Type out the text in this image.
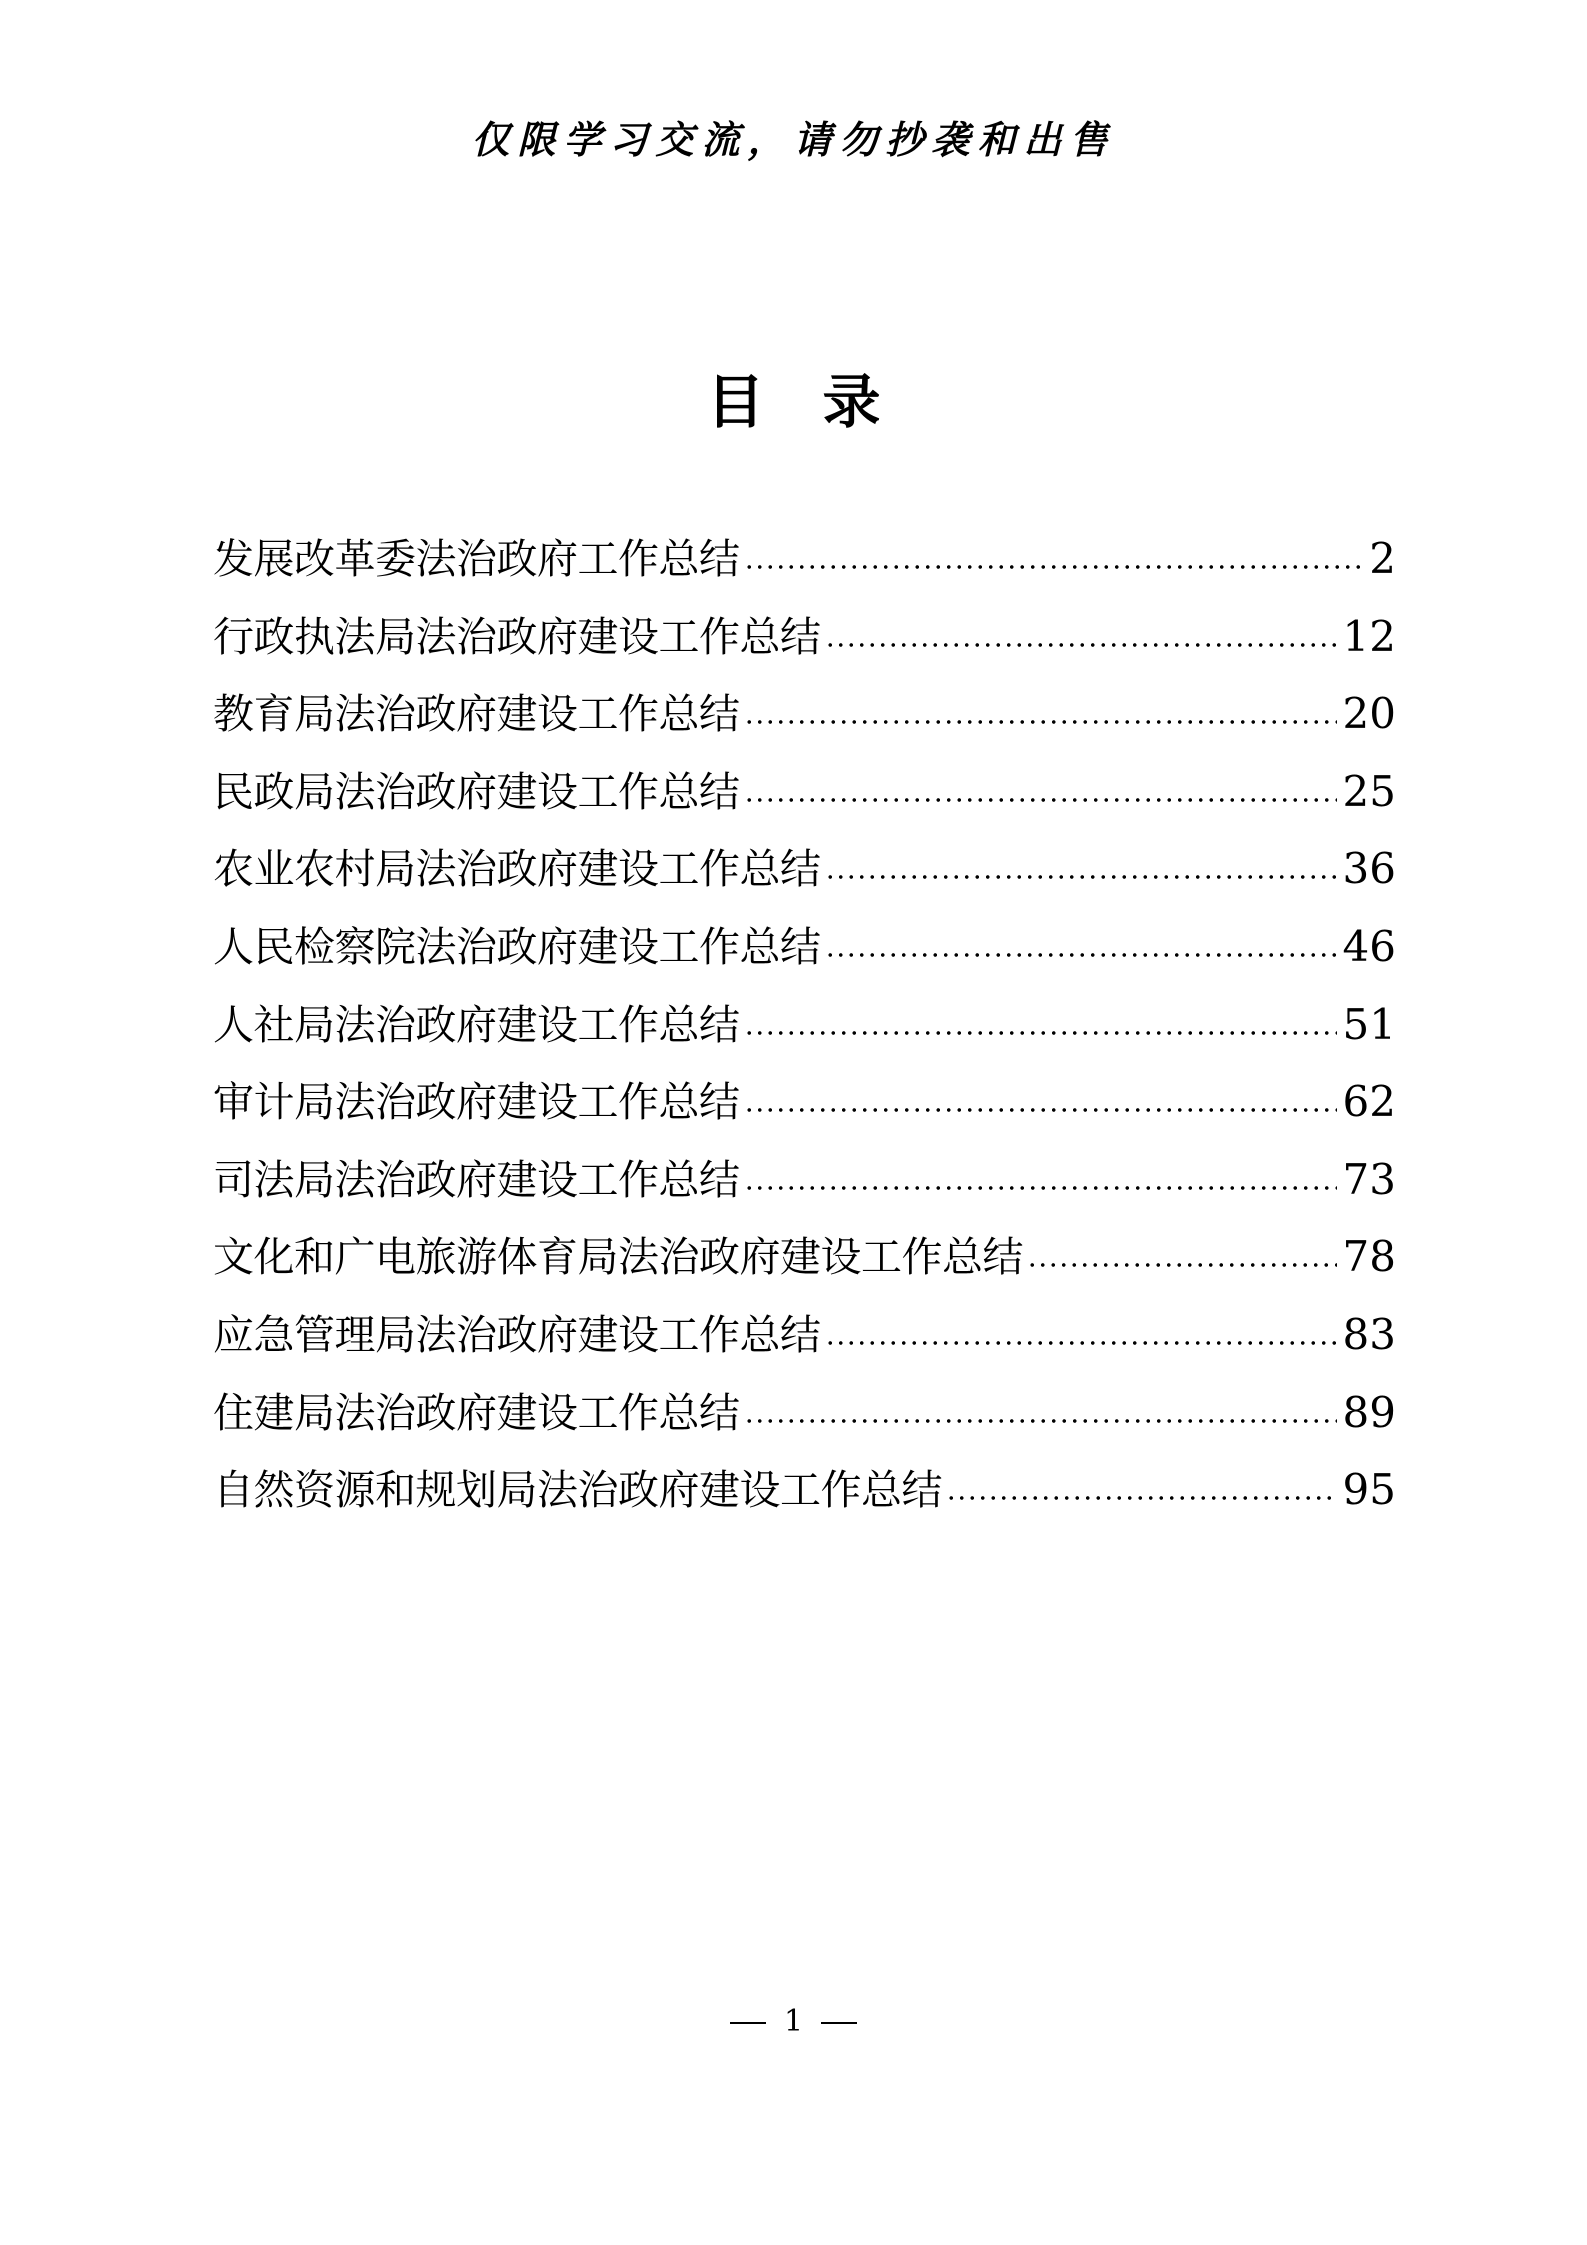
仅限学习交流，请勿抄袭和出售
目 录
发展改革委法治政府工作总结	2
行政执法局法治政府建设工作总结	12
教育局法治政府建设工作总结	20
民政局法治政府建设工作总结	25
农业农村局法治政府建设工作总结	36
人民检察院法治政府建设工作总结	46
人社局法治政府建设工作总结	51
审计局法治政府建设工作总结	62
司法局法治政府建设工作总结	73
文化和广电旅游体育局法治政府建设工作总结	78
应急管理局法治政府建设工作总结	83
住建局法治政府建设工作总结	89
自然资源和规划局法治政府建设工作总结	95
1
